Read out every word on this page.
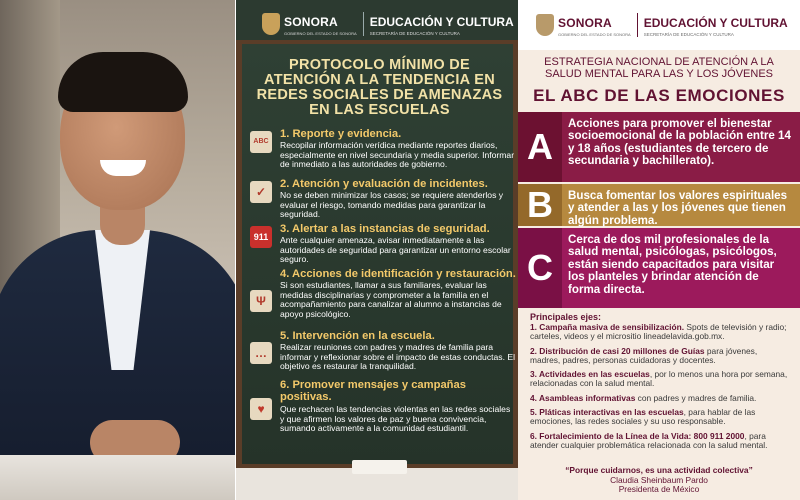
SONORA
GOBIERNO DEL ESTADO DE SONORA
EDUCACIÓN Y CULTURA
SECRETARÍA DE EDUCACIÓN Y CULTURA
PROTOCOLO MÍNIMO DE ATENCIÓN A LA TENDENCIA EN REDES SOCIALES DE AMENAZAS EN LAS ESCUELAS
ABC
1. Reporte y evidencia.
Recopilar información verídica mediante reportes diarios, especialmente en nivel secundaria y media superior. Informar de inmediato a las autoridades de gobierno.
✓
2. Atención y evaluación de incidentes.
No se deben minimizar los casos; se requiere atenderlos y evaluar el riesgo, tomando medidas para garantizar la seguridad.
911
3. Alertar a las instancias de seguridad.
Ante cualquier amenaza, avisar inmediatamente a las autoridades de seguridad para garantizar un entorno escolar seguro.
Ψ
4. Acciones de identificación y restauración.
Si son estudiantes, llamar a sus familiares, evaluar las medidas disciplinarias y comprometer a la familia en el acompañamiento para canalizar al alumno a instancias de apoyo psicológico.
…
5. Intervención en la escuela.
Realizar reuniones con padres y madres de familia para informar y reflexionar sobre el impacto de estas conductas. El objetivo es restaurar la tranquilidad.
♥
6. Promover mensajes y campañas positivas.
Que rechacen las tendencias violentas en las redes sociales y que afirmen los valores de paz y buena convivencia, sumando activamente a la comunidad estudiantil.
SONORA
GOBIERNO DEL ESTADO DE SONORA
EDUCACIÓN Y CULTURA
SECRETARÍA DE EDUCACIÓN Y CULTURA
ESTRATEGIA NACIONAL DE ATENCIÓN A LA SALUD MENTAL PARA LAS Y LOS JÓVENES
EL ABC DE LAS EMOCIONES
A
Acciones para promover el bienestar socioemocional de la población entre 14 y 18 años (estudiantes de tercero de secundaria y bachillerato).
B	Busca fomentar los valores espirituales y atender a las y los jóvenes que tienen algún problema.
C
Cerca de dos mil profesionales de la salud mental, psicólogas, psicólogos, están siendo capacitados para visitar los planteles y brindar atención de forma directa.
Principales ejes:
1. Campaña masiva de sensibilización. Spots de televisión y radio; carteles, videos y el micrositio lineadelavida.gob.mx.
2. Distribución de casi 20 millones de Guías para jóvenes, madres, padres, personas cuidadoras y docentes.
3. Actividades en las escuelas, por lo menos una hora por semana, relacionadas con la salud mental.
4. Asambleas informativas con padres y madres de familia.
5. Pláticas interactivas en las escuelas, para hablar de las emociones, las redes sociales y su uso responsable.
6. Fortalecimiento de la Línea de la Vida: 800 911 2000, para atender cualquier problemática relacionada con la salud mental.
“Porque cuidarnos, es una actividad colectiva”
Claudia Sheinbaum Pardo
Presidenta de México
